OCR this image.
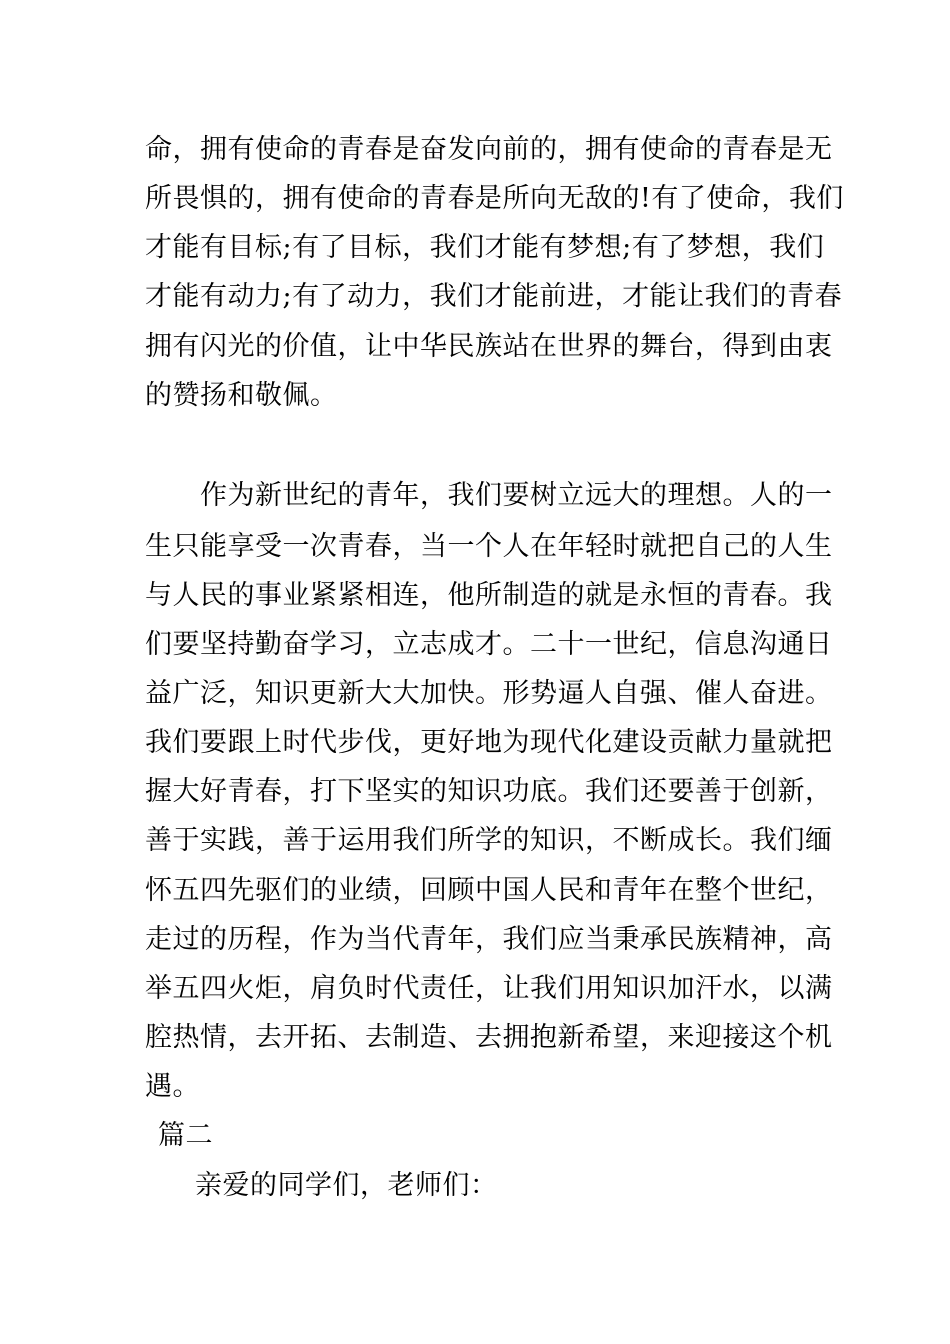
命，拥有使命的青春是奋发向前的，拥有使命的青春是无
所畏惧的，拥有使命的青春是所向无敌的!有了使命，我们
才能有目标;有了目标，我们才能有梦想;有了梦想，我们
才能有动力;有了动力，我们才能前进，才能让我们的青春
拥有闪光的价值，让中华民族站在世界的舞台，得到由衷
的赞扬和敬佩。
作为新世纪的青年，我们要树立远大的理想。人的一
生只能享受一次青春，当一个人在年轻时就把自己的人生
与人民的事业紧紧相连，他所制造的就是永恒的青春。我
们要坚持勤奋学习，立志成才。二十一世纪，信息沟通日
益广泛，知识更新大大加快。形势逼人自强、催人奋进。
我们要跟上时代步伐，更好地为现代化建设贡献力量就把
握大好青春，打下坚实的知识功底。我们还要善于创新，
善于实践，善于运用我们所学的知识，不断成长。我们缅
怀五四先驱们的业绩，回顾中国人民和青年在整个世纪，
走过的历程，作为当代青年，我们应当秉承民族精神，高
举五四火炬，肩负时代责任，让我们用知识加汗水，以满
腔热情，去开拓、去制造、去拥抱新希望，来迎接这个机
遇。
篇二
亲爱的同学们，老师们：
